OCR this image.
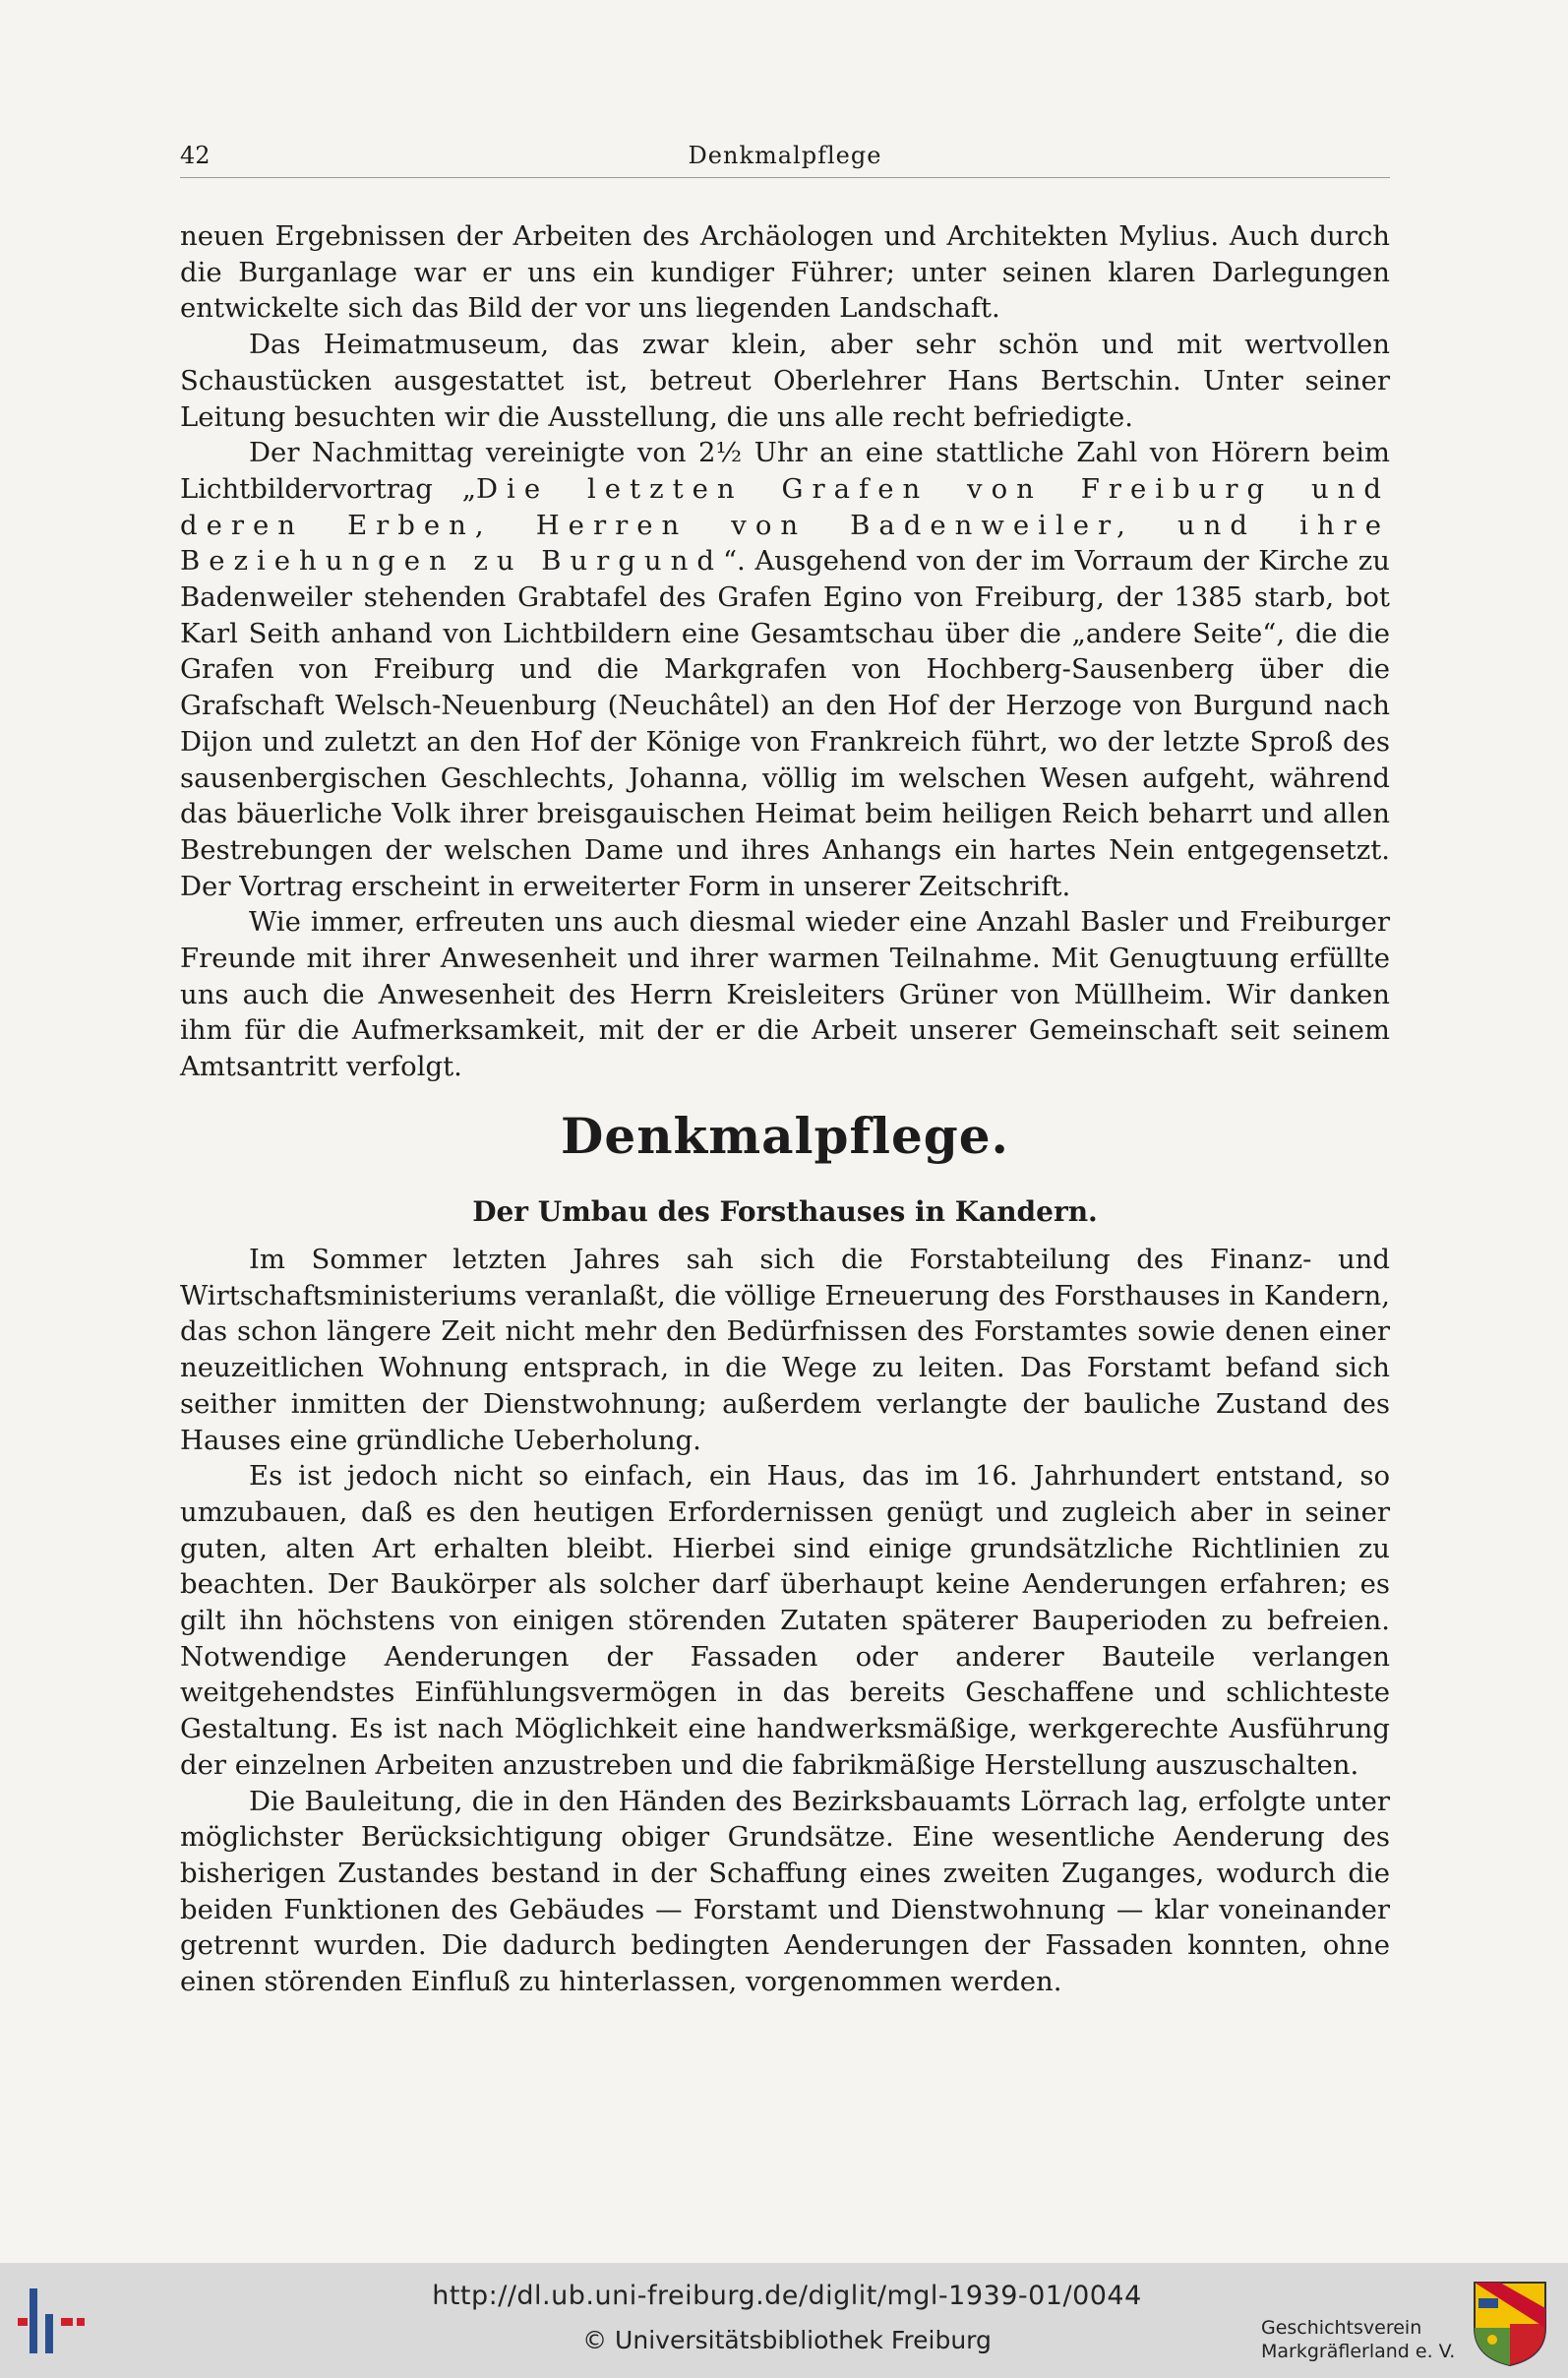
42	Denkmalpflege

neuen Ergebnissen der Arbeiten des Archäologen und Architekten Mylius. Auch durch die Burganlage war er uns ein kundiger Führer; unter seinen klaren Darlegungen entwickelte sich das Bild der vor uns liegenden Landschaft.

Das Heimatmuseum, das zwar klein, aber sehr schön und mit wertvollen Schaustücken ausgestattet ist, betreut Oberlehrer Hans Bertschin. Unter seiner Leitung besuchten wir die Ausstellung, die uns alle recht befriedigte.

Der Nachmittag vereinigte von 2½ Uhr an eine stattliche Zahl von Hörern beim Lichtbildervortrag „Die letzten Grafen von Freiburg und deren Erben, Herren von Badenweiler, und ihre Beziehungen zu Burgund“. Ausgehend von der im Vorraum der Kirche zu Badenweiler stehenden Grabtafel des Grafen Egino von Freiburg, der 1385 starb, bot Karl Seith anhand von Lichtbildern eine Gesamtschau über die „andere Seite“, die die Grafen von Freiburg und die Markgrafen von Hochberg-Sausenberg über die Grafschaft Welsch-Neuenburg (Neuchâtel) an den Hof der Herzoge von Burgund nach Dijon und zuletzt an den Hof der Könige von Frankreich führt, wo der letzte Sproß des sausenbergischen Geschlechts, Johanna, völlig im welschen Wesen aufgeht, während das bäuerliche Volk ihrer breisgauischen Heimat beim heiligen Reich beharrt und allen Bestrebungen der welschen Dame und ihres Anhangs ein hartes Nein entgegensetzt. Der Vortrag erscheint in erweiterter Form in unserer Zeitschrift.

Wie immer, erfreuten uns auch diesmal wieder eine Anzahl Basler und Freiburger Freunde mit ihrer Anwesenheit und ihrer warmen Teilnahme. Mit Genugtuung erfüllte uns auch die Anwesenheit des Herrn Kreisleiters Grüner von Müllheim. Wir danken ihm für die Aufmerksamkeit, mit der er die Arbeit unserer Gemeinschaft seit seinem Amtsantritt verfolgt.

Denkmalpflege.
Der Umbau des Forsthauses in Kandern.

Im Sommer letzten Jahres sah sich die Forstabteilung des Finanz- und Wirtschaftsministeriums veranlaßt, die völlige Erneuerung des Forsthauses in Kandern, das schon längere Zeit nicht mehr den Bedürfnissen des Forstamtes sowie denen einer neuzeitlichen Wohnung entsprach, in die Wege zu leiten. Das Forstamt befand sich seither inmitten der Dienstwohnung; außerdem verlangte der bauliche Zustand des Hauses eine gründliche Ueberholung.

Es ist jedoch nicht so einfach, ein Haus, das im 16. Jahrhundert entstand, so umzubauen, daß es den heutigen Erfordernissen genügt und zugleich aber in seiner guten, alten Art erhalten bleibt. Hierbei sind einige grundsätzliche Richtlinien zu beachten. Der Baukörper als solcher darf überhaupt keine Aenderungen erfahren; es gilt ihn höchstens von einigen störenden Zutaten späterer Bauperioden zu befreien. Notwendige Aenderungen der Fassaden oder anderer Bauteile verlangen weitgehendstes Einfühlungsvermögen in das bereits Geschaffene und schlichteste Gestaltung. Es ist nach Möglichkeit eine handwerksmäßige, werkgerechte Ausführung der einzelnen Arbeiten anzustreben und die fabrikmäßige Herstellung auszuschalten.

Die Bauleitung, die in den Händen des Bezirksbauamts Lörrach lag, erfolgte unter möglichster Berücksichtigung obiger Grundsätze. Eine wesentliche Aenderung des bisherigen Zustandes bestand in der Schaffung eines zweiten Zuganges, wodurch die beiden Funktionen des Gebäudes — Forstamt und Dienstwohnung — klar voneinander getrennt wurden. Die dadurch bedingten Aenderungen der Fassaden konnten, ohne einen störenden Einfluß zu hinterlassen, vorgenommen werden.

http://dl.ub.uni-freiburg.de/diglit/mgl-1939-01/0044
© Universitätsbibliothek Freiburg	Geschichtsverein
Markgräflerland e. V.
